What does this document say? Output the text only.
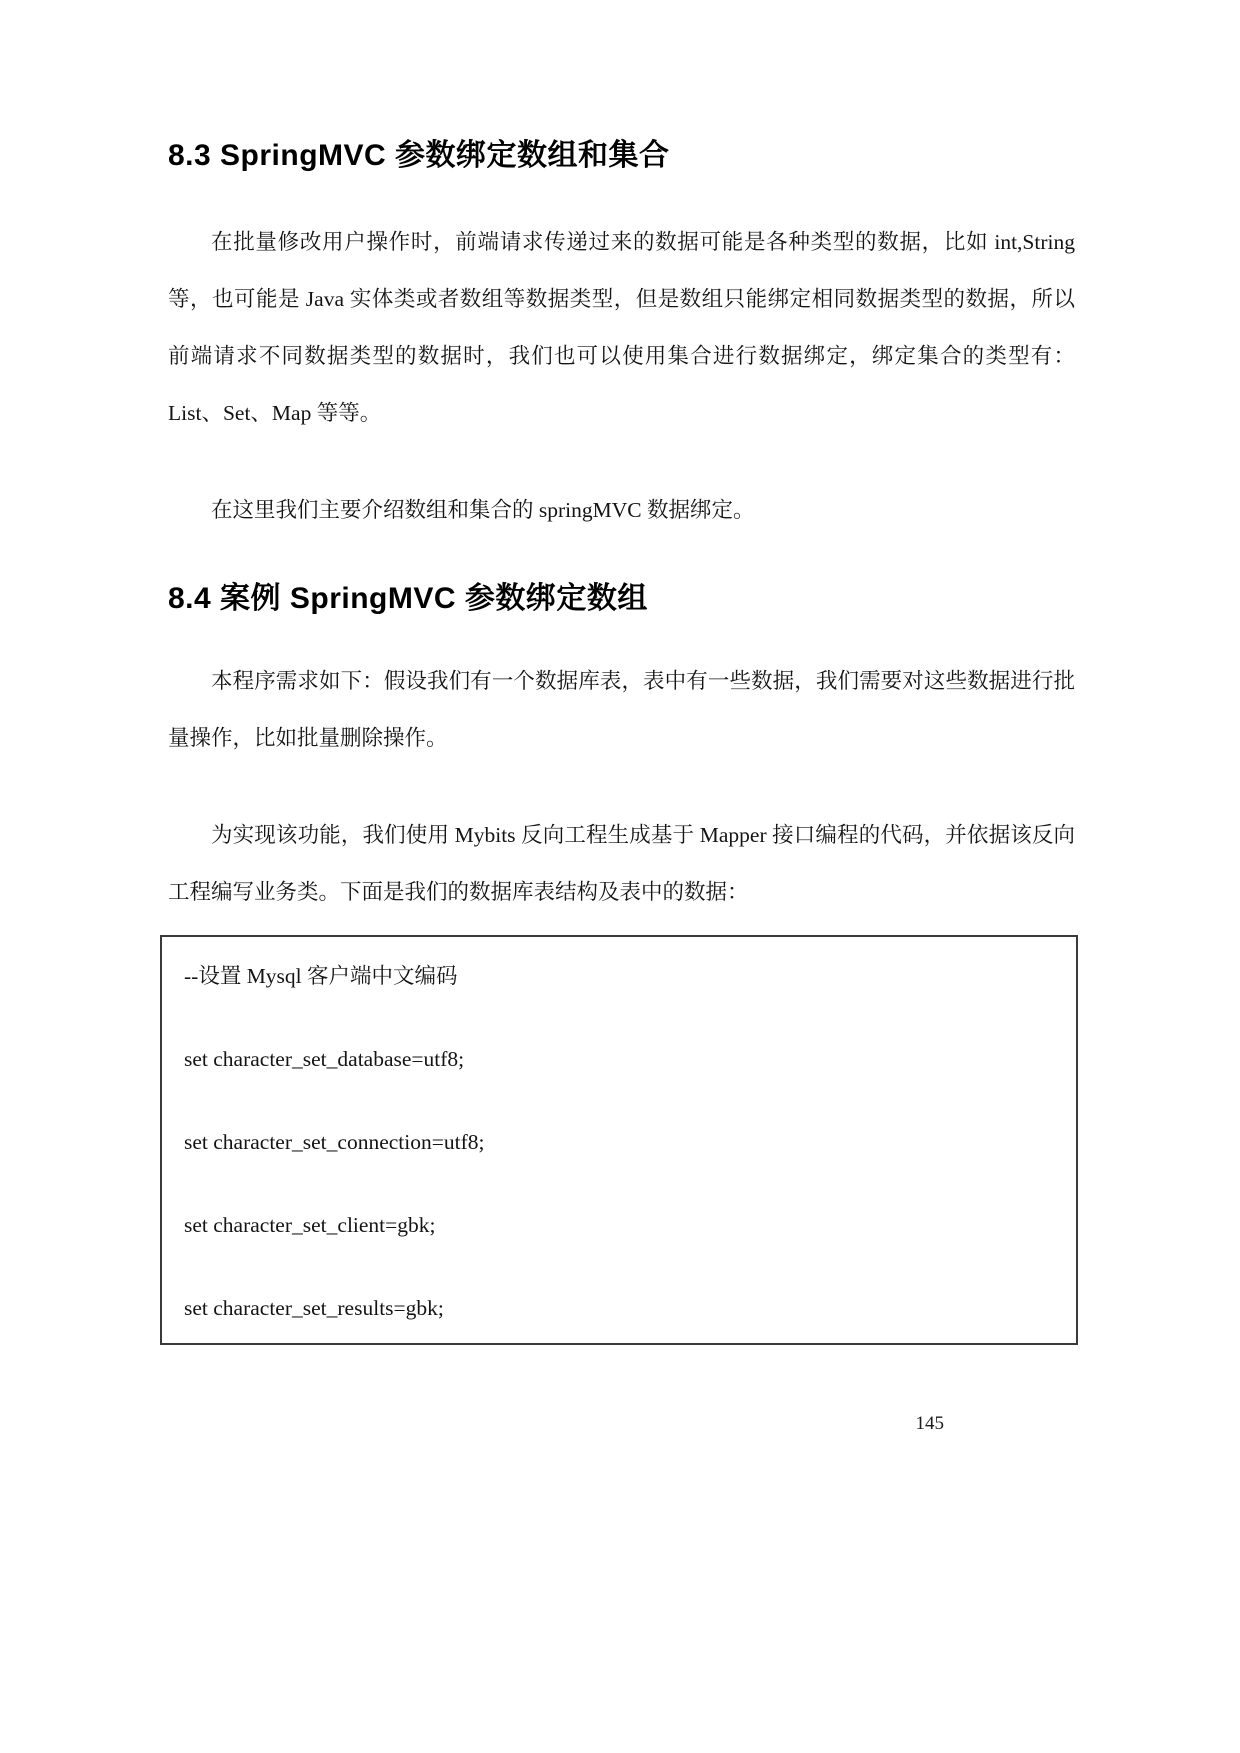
8.3 SpringMVC 参数绑定数组和集合

在批量修改用户操作时，前端请求传递过来的数据可能是各种类型的数据，比如 int,String 等，也可能是 Java 实体类或者数组等数据类型，但是数组只能绑定相同数据类型的数据，所以前端请求不同数据类型的数据时，我们也可以使用集合进行数据绑定，绑定集合的类型有：List、Set、Map 等等。

在这里我们主要介绍数组和集合的 springMVC 数据绑定。

8.4 案例 SpringMVC 参数绑定数组

本程序需求如下：假设我们有一个数据库表，表中有一些数据，我们需要对这些数据进行批量操作，比如批量删除操作。

为实现该功能，我们使用 Mybits 反向工程生成基于 Mapper 接口编程的代码，并依据该反向工程编写业务类。下面是我们的数据库表结构及表中的数据：

--设置 Mysql 客户端中文编码
set character_set_database=utf8;
set character_set_connection=utf8;
set character_set_client=gbk;
set character_set_results=gbk;
145
